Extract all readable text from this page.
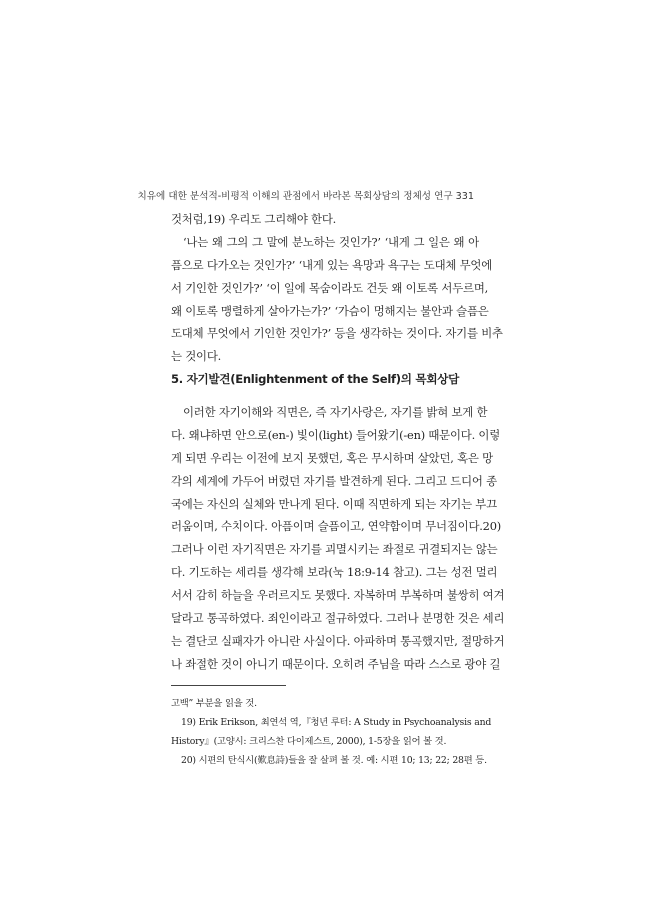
치유에 대한 분석적-비평적 이해의 관점에서 바라본 목회상담의 정체성 연구 331
것처럼,19) 우리도 그리해야 한다.
‘나는 왜 그의 그 말에 분노하는 것인가?’ ‘내게 그 일은 왜 아
픔으로 다가오는 것인가?’ ‘내게 있는 욕망과 욕구는 도대체 무엇에
서 기인한 것인가?’ ‘이 일에 목숨이라도 건듯 왜 이토록 서두르며,
왜 이토록 맹렬하게 살아가는가?’ ‘가슴이 멍해지는 불안과 슬픔은
도대체 무엇에서 기인한 것인가?’ 등을 생각하는 것이다. 자기를 비추
는 것이다.
5. 자기발견(Enlightenment of the Self)의 목회상담
이러한 자기이해와 직면은, 즉 자기사랑은, 자기를 밝혀 보게 한
다. 왜냐하면 안으로(en-) 빛이(light) 들어왔기(-en) 때문이다. 이렇
게 되면 우리는 이전에 보지 못했던, 혹은 무시하며 살았던, 혹은 망
각의 세계에 가두어 버렸던 자기를 발견하게 된다. 그리고 드디어 종
국에는 자신의 실체와 만나게 된다. 이때 직면하게 되는 자기는 부끄
러움이며, 수치이다. 아픔이며 슬픔이고, 연약함이며 무너짐이다.20)
그러나 이런 자기직면은 자기를 괴멸시키는 좌절로 귀결되지는 않는
다. 기도하는 세리를 생각해 보라(눅 18:9-14 참고). 그는 성전 멀리
서서 감히 하늘을 우러르지도 못했다. 자복하며 부복하며 불쌍히 여겨
달라고 통곡하였다. 죄인이라고 절규하였다. 그러나 분명한 것은 세리
는 결단코 실패자가 아니란 사실이다. 아파하며 통곡했지만, 절망하거
나 좌절한 것이 아니기 때문이다. 오히려 주님을 따라 스스로 광야 길
고백” 부분을 읽을 것.
19) Erik Erikson, 최연석 역,『청년 루터: A Study in Psychoanalysis and
History』(고양시: 크리스찬 다이제스트, 2000), 1-5장을 읽어 볼 것.
20) 시편의 탄식시(歎息詩)들을 잘 살펴 볼 것. 예: 시편 10; 13; 22; 28편 등.
